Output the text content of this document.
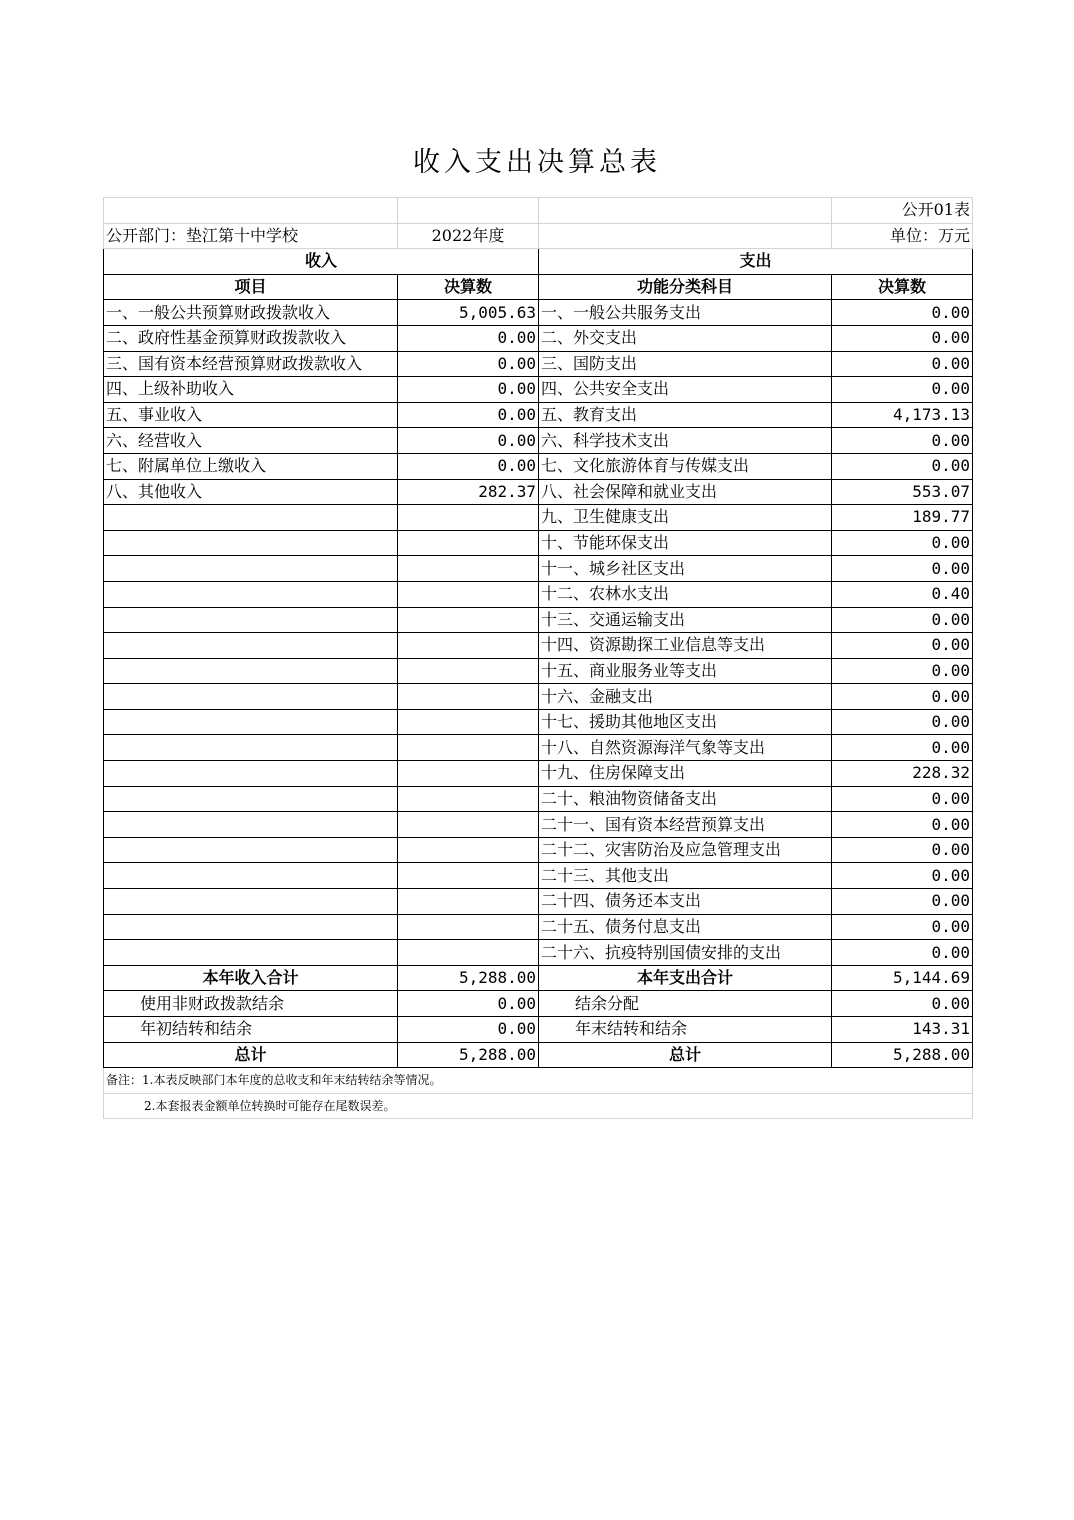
收入支出决算总表
			公开01表
公开部门：垫江第十中学校	2022年度		单位：万元
收入		支出	
项目	决算数	功能分类科目	决算数
一、一般公共预算财政拨款收入	5,005.63	一、一般公共服务支出	0.00
二、政府性基金预算财政拨款收入	0.00	二、外交支出	0.00
三、国有资本经营预算财政拨款收入	0.00	三、国防支出	0.00
四、上级补助收入	0.00	四、公共安全支出	0.00
五、事业收入	0.00	五、教育支出	4,173.13
六、经营收入	0.00	六、科学技术支出	0.00
七、附属单位上缴收入	0.00	七、文化旅游体育与传媒支出	0.00
八、其他收入	282.37	八、社会保障和就业支出	553.07
		九、卫生健康支出	189.77
		十、节能环保支出	0.00
		十一、城乡社区支出	0.00
		十二、农林水支出	0.40
		十三、交通运输支出	0.00
		十四、资源勘探工业信息等支出	0.00
		十五、商业服务业等支出	0.00
		十六、金融支出	0.00
		十七、援助其他地区支出	0.00
		十八、自然资源海洋气象等支出	0.00
		十九、住房保障支出	228.32
		二十、粮油物资储备支出	0.00
		二十一、国有资本经营预算支出	0.00
		二十二、灾害防治及应急管理支出	0.00
		二十三、其他支出	0.00
		二十四、债务还本支出	0.00
		二十五、债务付息支出	0.00
		二十六、抗疫特别国债安排的支出	0.00
本年收入合计	5,288.00	本年支出合计	5,144.69
使用非财政拨款结余	0.00	结余分配	0.00
年初结转和结余	0.00	年末结转和结余	143.31
总计	5,288.00	总计	5,288.00
备注：1.本表反映部门本年度的总收支和年末结转结余等情况。			
2.本套报表金额单位转换时可能存在尾数误差。			
